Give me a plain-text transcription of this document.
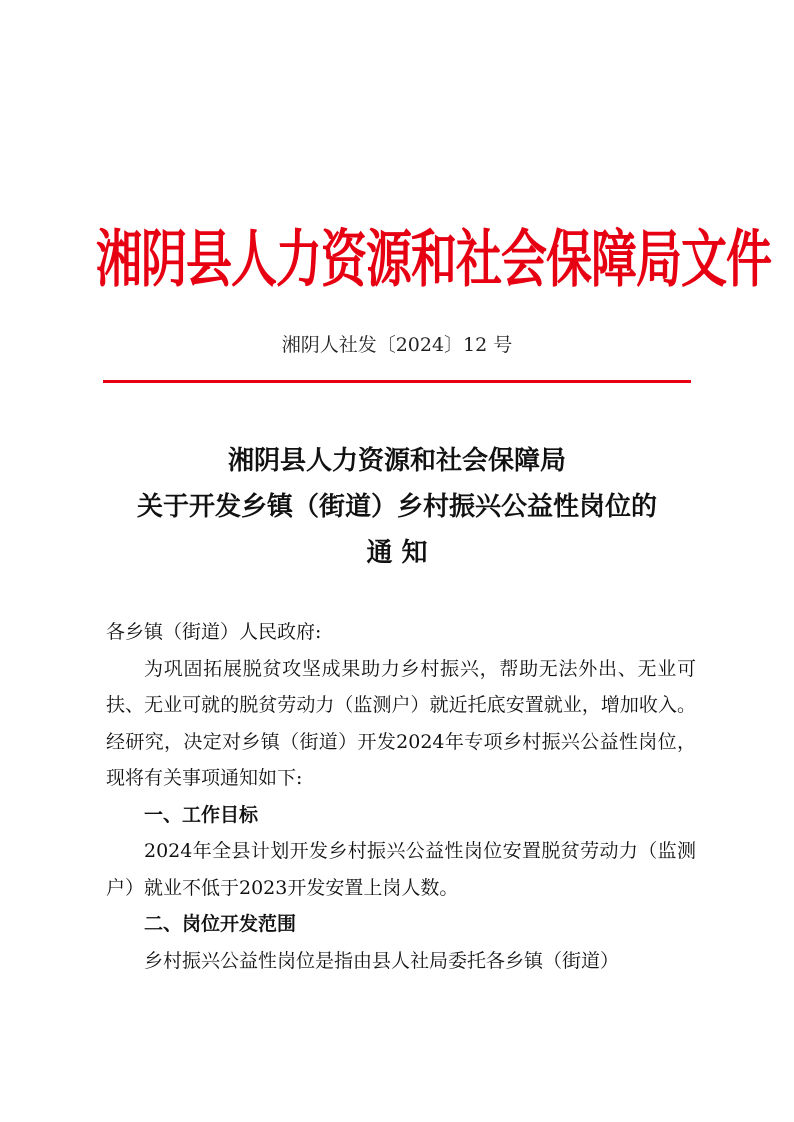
湘阴县人力资源和社会保障局文件
湘阴人社发〔2024〕12 号
湘阴县人力资源和社会保障局
关于开发乡镇（街道）乡村振兴公益性岗位的
通 知

各乡镇（街道）人民政府:

为巩固拓展脱贫攻坚成果助力乡村振兴，帮助无法外出、无业可扶、无业可就的脱贫劳动力（监测户）就近托底安置就业，增加收入。经研究，决定对乡镇（街道）开发2024年专项乡村振兴公益性岗位，现将有关事项通知如下:

一、工作目标

2024年全县计划开发乡村振兴公益性岗位安置脱贫劳动力（监测户）就业不低于2023开发安置上岗人数。

二、岗位开发范围

乡村振兴公益性岗位是指由县人社局委托各乡镇（街道）
